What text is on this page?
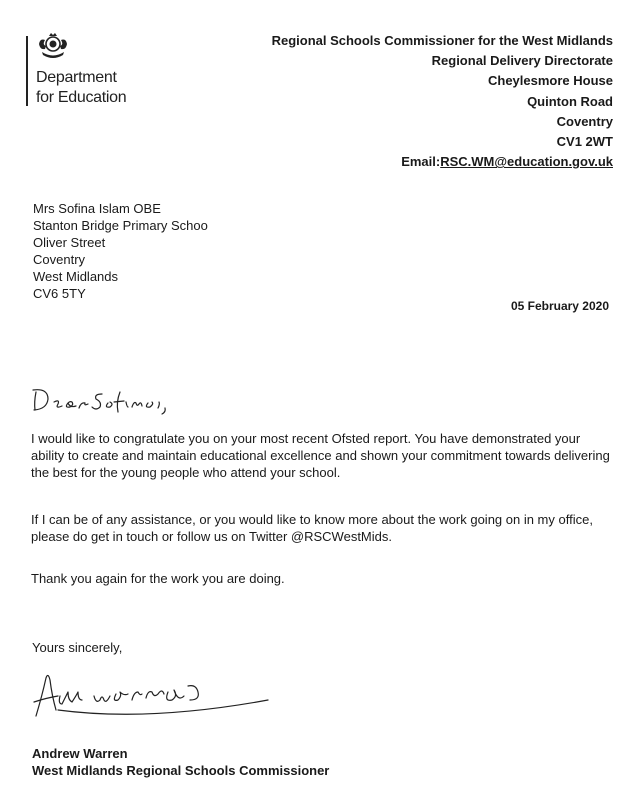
Department
for Education
Regional Schools Commissioner for the West Midlands
Regional Delivery Directorate
Cheylesmore House
Quinton Road
Coventry
CV1 2WT
Email:RSC.WM@education.gov.uk
Mrs Sofina Islam OBE
Stanton Bridge Primary Schoo
Oliver Street
Coventry
West Midlands
CV6 5TY
05 February 2020
I would like to congratulate you on your most recent Ofsted report. You have demonstrated your ability to create and maintain educational excellence and shown your commitment towards delivering the best for the young people who attend your school.
If I can be of any assistance, or you would like to know more about the work going on in my office, please do get in touch or follow us on Twitter @RSCWestMids.
Thank you again for the work you are doing.
Yours sincerely,
Andrew Warren
West Midlands Regional Schools Commissioner
